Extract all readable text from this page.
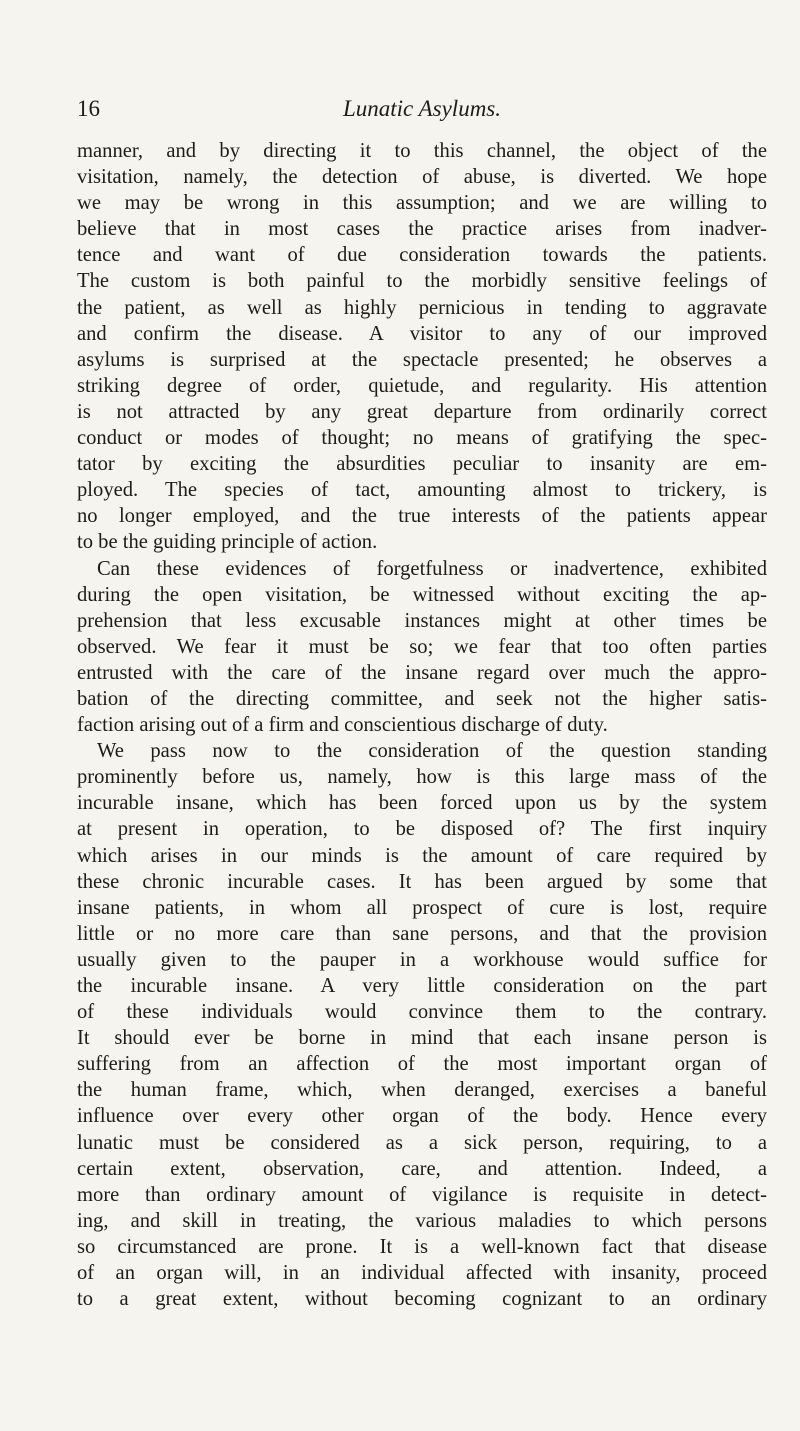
16	Lunatic Asylums.
manner, and by directing it to this channel, the object of the
visitation, namely, the detection of abuse, is diverted. We hope
we may be wrong in this assumption; and we are willing to
believe that in most cases the practice arises from inadver-
tence and want of due consideration towards the patients.
The custom is both painful to the morbidly sensitive feelings of
the patient, as well as highly pernicious in tending to aggravate
and confirm the disease. A visitor to any of our improved
asylums is surprised at the spectacle presented; he observes a
striking degree of order, quietude, and regularity. His attention
is not attracted by any great departure from ordinarily correct
conduct or modes of thought; no means of gratifying the spec-
tator by exciting the absurdities peculiar to insanity are em-
ployed. The species of tact, amounting almost to trickery, is
no longer employed, and the true interests of the patients appear
to be the guiding principle of action.
Can these evidences of forgetfulness or inadvertence, exhibited
during the open visitation, be witnessed without exciting the ap-
prehension that less excusable instances might at other times be
observed. We fear it must be so; we fear that too often parties
entrusted with the care of the insane regard over much the appro-
bation of the directing committee, and seek not the higher satis-
faction arising out of a firm and conscientious discharge of duty.
We pass now to the consideration of the question standing
prominently before us, namely, how is this large mass of the
incurable insane, which has been forced upon us by the system
at present in operation, to be disposed of? The first inquiry
which arises in our minds is the amount of care required by
these chronic incurable cases. It has been argued by some that
insane patients, in whom all prospect of cure is lost, require
little or no more care than sane persons, and that the provision
usually given to the pauper in a workhouse would suffice for
the incurable insane. A very little consideration on the part
of these individuals would convince them to the contrary.
It should ever be borne in mind that each insane person is
suffering from an affection of the most important organ of
the human frame, which, when deranged, exercises a baneful
influence over every other organ of the body. Hence every
lunatic must be considered as a sick person, requiring, to a
certain extent, observation, care, and attention. Indeed, a
more than ordinary amount of vigilance is requisite in detect-
ing, and skill in treating, the various maladies to which persons
so circumstanced are prone. It is a well-known fact that disease
of an organ will, in an individual affected with insanity, proceed
to a great extent, without becoming cognizant to an ordinary
